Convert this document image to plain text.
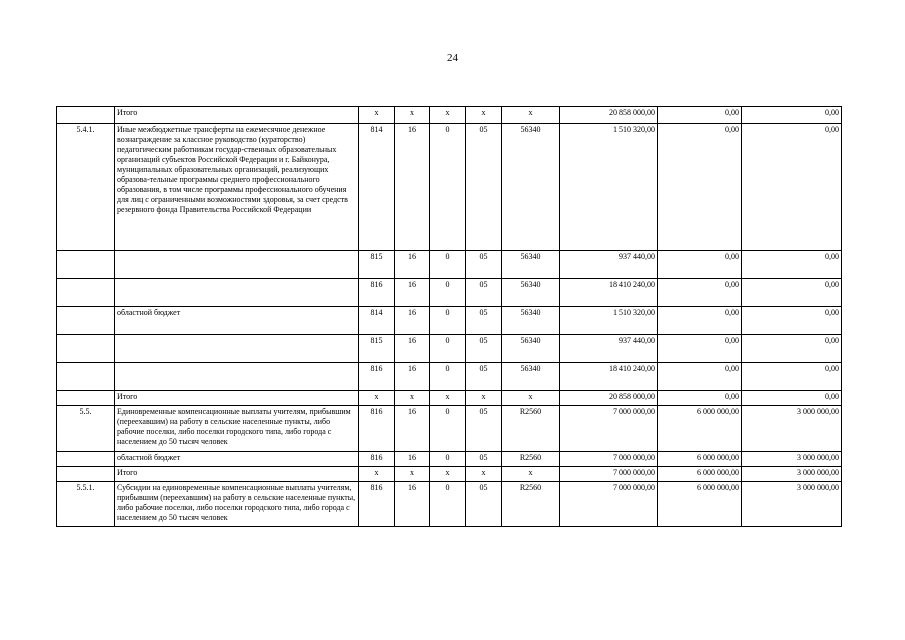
24
	Итого	x	x	x	x	x	20 858 000,00	0,00	0,00
5.4.1.	Иные межбюджетные трансферты на ежемесячное денежное вознаграждение за классное руководство (кураторство) педагогическим работникам государ-ственных образовательных организаций субъектов Российской Федерации и г. Байконура, муниципальных образовательных организаций, реализующих образова-тельные программы среднего профессионального образования, в том числе программы профессионального обучения для лиц с ограниченными возможностями здоровья, за счет средств резервного фонда Правительства Российской Федерации	814	16	0	05	56340	1 510 320,00	0,00	0,00
		815	16	0	05	56340	937 440,00	0,00	0,00
		816	16	0	05	56340	18 410 240,00	0,00	0,00
	областной бюджет	814	16	0	05	56340	1 510 320,00	0,00	0,00
		815	16	0	05	56340	937 440,00	0,00	0,00
		816	16	0	05	56340	18 410 240,00	0,00	0,00
	Итого	x	x	x	x	x	20 858 000,00	0,00	0,00
5.5.	Единовременные компенсационные выплаты учителям, прибывшим (переехавшим) на работу в сельские населенные пункты, либо рабочие поселки, либо поселки городского типа, либо города с населением до 50 тысяч человек	816	16	0	05	R2560	7 000 000,00	6 000 000,00	3 000 000,00
	областной бюджет	816	16	0	05	R2560	7 000 000,00	6 000 000,00	3 000 000,00
	Итого	x	x	x	x	x	7 000 000,00	6 000 000,00	3 000 000,00
5.5.1.	Субсидии на единовременные компенсационные выплаты учителям, прибывшим (переехавшим) на работу в сельские населенные пункты, либо рабочие поселки, либо поселки городского типа, либо города с населением до 50 тысяч человек	816	16	0	05	R2560	7 000 000,00	6 000 000,00	3 000 000,00
